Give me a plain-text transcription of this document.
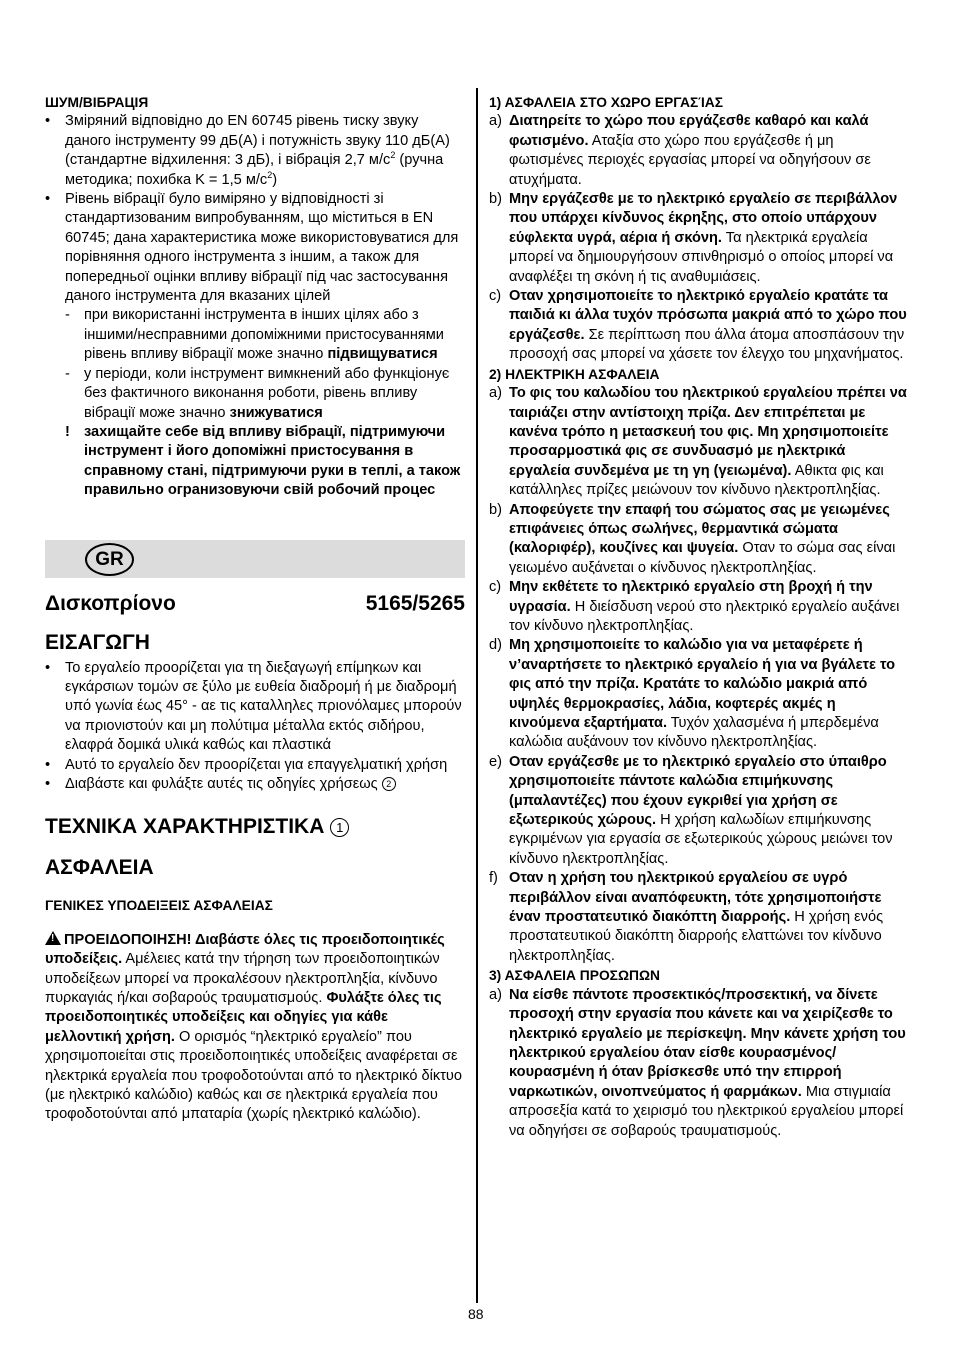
ШУМ/ВІБРАЦІЯ
• Зміряний відповідно до EN 60745 рівень тиску звуку даного інструменту 99 дБ(А) і потужність звуку 110 дБ(А) (стандартне відхилення: 3 дБ), і вібрація 2,7 $м/с^2$ (ручна методика; похибка K = 1,5 $м/с^2$)
• Рівень вібрації було виміряно у відповідності зі стандартизованим випробуванням, що міститься в EN 60745; дана характеристика може використовуватися для порівняння одного інструмента з іншим, а також для попередньої оцінки впливу вібрації під час застосування даного інструмента для вказаних цілей
- при використанні інструмента в інших цілях або з іншими/несправними допоміжними пристосуваннями рівень впливу вібрації може значно підвищуватися
- у періоди, коли інструмент вимкнений або функціонує без фактичного виконання роботи, рівень впливу вібрації може значно знижуватися
! захищайте себе від впливу вібрації, підтримуючи інструмент і його допоміжні пристосування в справному стані, підтримуючи руки в теплі, а також правильно огранизовуючи свій робочий процес
GR
Δισκοπρίονο	5165/5265
ΕΙΣΑΓΩΓΗ
• Το εργαλείο προορίζεται για τη διεξαγωγή επίμηκων και εγκάρσιων τομών σε ξύλο με ευθεία διαδρομή ή με διαδρομή υπό γωνία έως 45° - αε τις καταλληλες πριονόλαμες μπορούν να πριονιστούν και μη πολύτιμα μέταλλα εκτός σιδήρου, ελαφρά δομικά υλικά καθώς και πλαστικά
• Αυτό το εργαλείο δεν προορίζεται για επαγγελματική χρήση
• Διαβάστε και φυλάξτε αυτές τις οδηγίες χρήσεως 2
ΤΕΧΝΙΚΑ ΧΑΡΑΚΤΗΡΙΣΤΙΚΑ 1
ΑΣΦΑΛΕΙΑ
ΓΕΝΙΚΕΣ ΥΠΟΔΕΙΞΕΙΣ ΑΣΦΑΛΕΙΑΣ
!ΠΡΟΕΙΔΟΠΟΙΗΣΗ! Διαβάστε όλες τις προειδοποιητικές υποδείξεις. Αμέλειες κατά την τήρηση των προειδοποιητικών υποδείξεων μπορεί να προκαλέσουν ηλεκτροπληξία, κίνδυνο πυρκαγιάς ή/και σοβαρούς τραυματισμούς. Φυλάξτε όλες τις προειδοποιητικές υποδείξεις και οδηγίες για κάθε μελλοντική χρήση. Ο ορισμός “ηλεκτρικό εργαλείο” που χρησιμοποιείται στις προειδοποιητικές υποδείξεις αναφέρεται σε ηλεκτρικά εργαλεία που τροφοδοτούνται από το ηλεκτρικό δίκτυο (με ηλεκτρικό καλώδιο) καθώς και σε ηλεκτρικά εργαλεία που τροφοδοτούνται από μπαταρία (χωρίς ηλεκτρικό καλώδιο).
1) ΑΣΦΑΛΕΙΑ ΣΤΟ ΧΩΡΟ ΕΡΓΑΣΊΑΣ
a) Διατηρείτε το χώρο που εργάζεσθε καθαρό και καλά φωτισμένο. Αταξία στο χώρο που εργάζεσθε ή μη φωτισμένες περιοχές εργασίας μπορεί να οδηγήσουν σε ατυχήματα.
b) Μην εργάζεσθε με το ηλεκτρικό εργαλείο σε περιβάλλον που υπάρχει κίνδυνος έκρηξης, στο οποίο υπάρχουν εύφλεκτα υγρά, αέρια ή σκόνη. Τα ηλεκτρικά εργαλεία μπορεί να δημιουργήσουν σπινθηρισμό ο οποίος μπορεί να αναφλέξει τη σκόνη ή τις αναθυμιάσεις.
c) Οταν χρησιμοποιείτε το ηλεκτρικό εργαλείο κρατάτε τα παιδιά κι άλλα τυχόν πρόσωπα μακριά από το χώρο που εργάζεσθε. Σε περίπτωση που άλλα άτομα αποσπάσουν την προσοχή σας μπορεί να χάσετε τον έλεγχο του μηχανήματος.
2) ΗΛΕΚΤΡΙΚΗ ΑΣΦΑΛΕΙΑ
a) Το φις του καλωδίου του ηλεκτρικού εργαλείου πρέπει να ταιριάζει στην αντίστοιχη πρίζα. Δεν επιτρέπεται με κανένα τρόπο η μετασκευή του φις. Μη χρησιμοποιείτε προσαρμοστικά φις σε συνδυασμό με ηλεκτρικά εργαλεία συνδεμένα με τη γη (γειωμένα). Αθικτα φις και κατάλληλες πρίζες μειώνουν τον κίνδυνο ηλεκτροπληξίας.
b) Αποφεύγετε την επαφή του σώματος σας με γειωμένες επιφάνειες όπως σωλήνες, θερμαντικά σώματα (καλοριφέρ), κουζίνες και ψυγεία. Οταν το σώμα σας είναι γειωμένο αυξάνεται ο κίνδυνος ηλεκτροπληξίας.
c) Μην εκθέτετε το ηλεκτρικό εργαλείο στη βροχή ή την υγρασία. Η διείσδυση νερού στο ηλεκτρικό εργαλείο αυξάνει τον κίνδυνο ηλεκτροπληξίας.
d) Μη χρησιμοποιείτε το καλώδιο για να μεταφέρετε ή ν’αναρτήσετε το ηλεκτρικό εργαλείο ή για να βγάλετε το φις από την πρίζα. Κρατάτε το καλώδιο μακριά από υψηλές θερμοκρασίες, λάδια, κοφτερές ακμές η κινούμενα εξαρτήματα. Τυχόν χαλασμένα ή μπερδεμένα καλώδια αυξάνουν τον κίνδυνο ηλεκτροπληξίας.
e) Οταν εργάζεσθε με το ηλεκτρικό εργαλείο στο ύπαιθρο χρησιμοποιείτε πάντοτε καλώδια επιμήκυνσης (μπαλαντέζες) που έχουν εγκριθεί για χρήση σε εξωτερικούς χώρους. Η χρήση καλωδίων επιμήκυνσης εγκριμένων για εργασία σε εξωτερικούς χώρους μειώνει τον κίνδυνο ηλεκτροπληξίας.
f) Οταν η χρήση του ηλεκτρικού εργαλείου σε υγρό περιβάλλον είναι αναπόφευκτη, τότε χρησιμοποιήστε έναν προστατευτικό διακόπτη διαρροής. Η χρήση ενός προστατευτικού διακόπτη διαρροής ελαττώνει τον κίνδυνο ηλεκτροπληξίας.
3) ΑΣΦΑΛΕΙΑ ΠΡΟΣΩΠΩΝ
a) Να είσθε πάντοτε προσεκτικός/προσεκτική, να δίνετε προσοχή στην εργασία που κάνετε και να χειρίζεσθε το ηλεκτρικό εργαλείο με περίσκεψη. Μην κάνετε χρήση του ηλεκτρικού εργαλείου όταν είσθε κουρασμένος/κουρασμένη ή όταν βρίσκεσθε υπό την επιρροή ναρκωτικών, οινοπνεύματος ή φαρμάκων. Μια στιγμιαία απροσεξία κατά το χειρισμό του ηλεκτρικού εργαλείου μπορεί να οδηγήσει σε σοβαρούς τραυματισμούς.
88
